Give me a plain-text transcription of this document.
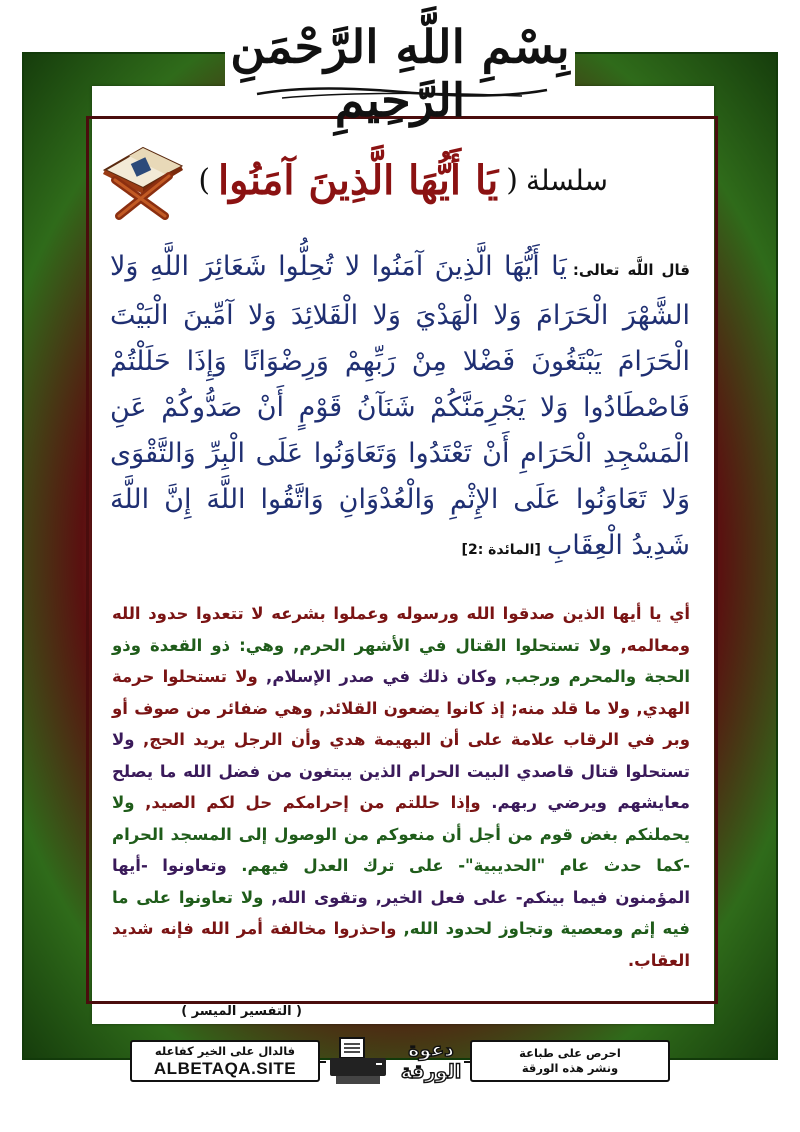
بِسْمِ اللَّهِ الرَّحْمَنِ الرَّحِيمِ
سلسلة
(
يَا أَيُّهَا الَّذِينَ آمَنُوا
)
قال اللَّه تعالى:يَا أَيُّهَا الَّذِينَ آمَنُوا لا تُحِلُّوا شَعَائِرَ اللَّهِ وَلا الشَّهْرَ الْحَرَامَ وَلا الْهَدْيَ وَلا الْقَلائِدَ وَلا آمِّينَ الْبَيْتَ الْحَرَامَ يَبْتَغُونَ فَضْلا مِنْ رَبِّهِمْ وَرِضْوَانًا وَإِذَا حَلَلْتُمْ فَاصْطَادُوا وَلا يَجْرِمَنَّكُمْ شَنَآنُ قَوْمٍ أَنْ صَدُّوكُمْ عَنِ الْمَسْجِدِ الْحَرَامِ أَنْ تَعْتَدُوا وَتَعَاوَنُوا عَلَى الْبِرِّ وَالتَّقْوَى وَلا تَعَاوَنُوا عَلَى الإِثْمِ وَالْعُدْوَانِ وَاتَّقُوا اللَّهَ إِنَّ اللَّهَ شَدِيدُ الْعِقَابِ[المائدة :2]
أي يا أيها الذين صدقوا الله ورسوله وعملوا بشرعه لا تتعدوا حدود الله ومعالمه, ولا تستحلوا القتال في الأشهر الحرم, وهي: ذو القعدة وذو الحجة والمحرم ورجب, وكان ذلك في صدر الإسلام, ولا تستحلوا حرمة الهدي, ولا ما قلد منه; إذ كانوا يضعون القلائد, وهي ضفائر من صوف أو وبر في الرقاب علامة على أن البهيمة هدي وأن الرجل يريد الحج, ولا تستحلوا قتال قاصدي البيت الحرام الذين يبتغون من فضل الله ما يصلح معايشهم ويرضي ربهم. وإذا حللتم من إحرامكم حل لكم الصيد, ولا يحملنكم بغض قوم من أجل أن منعوكم من الوصول إلى المسجد الحرام -كما حدث عام "الحديبية"- على ترك العدل فيهم. وتعاونوا -أيها المؤمنون فيما بينكم- على فعل الخير, وتقوى الله, ولا تعاونوا على ما فيه إثم ومعصية وتجاوز لحدود الله, واحذروا مخالفة أمر الله فإنه شديد العقاب.
( التفسير الميسر )
فالدال على الخير كفاعله
ALBETAQA.SITE
دعوة
الورقة
احرص على طباعة
ونشر هذه الورقة
